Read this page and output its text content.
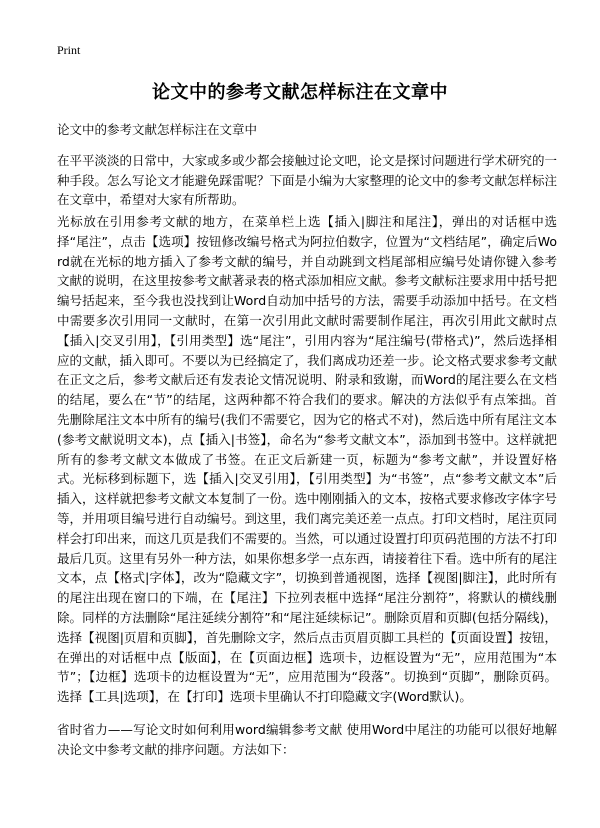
Print
论文中的参考文献怎样标注在文章中

论文中的参考文献怎样标注在文章中

在平平淡淡的日常中，大家或多或少都会接触过论文吧，论文是探讨问题进行学术研究的一种手段。怎么写论文才能避免踩雷呢？下面是小编为大家整理的论文中的参考文献怎样标注在文章中，希望对大家有所帮助。

光标放在引用参考文献的地方，在菜单栏上选【插入|脚注和尾注】，弹出的对话框中选择“尾注”，点击【选项】按钮修改编号格式为阿拉伯数字，位置为“文档结尾”，确定后Word就在光标的地方插入了参考文献的编号，并自动跳到文档尾部相应编号处请你键入参考文献的说明，在这里按参考文献著录表的格式添加相应文献。参考文献标注要求用中括号把编号括起来，至今我也没找到让Word自动加中括号的方法，需要手动添加中括号。在文档中需要多次引用同一文献时，在第一次引用此文献时需要制作尾注，再次引用此文献时点【插入|交叉引用】，【引用类型】选“尾注”，引用内容为“尾注编号(带格式)”，然后选择相应的文献，插入即可。不要以为已经搞定了，我们离成功还差一步。论文格式要求参考文献在正文之后，参考文献后还有发表论文情况说明、附录和致谢，而Word的尾注要么在文档的结尾，要么在“节”的结尾，这两种都不符合我们的要求。解决的方法似乎有点笨拙。首先删除尾注文本中所有的编号(我们不需要它，因为它的格式不对)，然后选中所有尾注文本(参考文献说明文本)，点【插入|书签】，命名为“参考文献文本”，添加到书签中。这样就把所有的参考文献文本做成了书签。在正文后新建一页，标题为“参考文献”，并设置好格式。光标移到标题下，选【插入|交叉引用】，【引用类型】为“书签”，点“参考文献文本”后插入，这样就把参考文献文本复制了一份。选中刚刚插入的文本，按格式要求修改字体字号等，并用项目编号进行自动编号。到这里，我们离完美还差一点点。打印文档时，尾注页同样会打印出来，而这几页是我们不需要的。当然，可以通过设置打印页码范围的方法不打印最后几页。这里有另外一种方法，如果你想多学一点东西，请接着往下看。选中所有的尾注文本，点【格式|字体】，改为“隐藏文字”，切换到普通视图，选择【视图|脚注】，此时所有的尾注出现在窗口的下端，在【尾注】下拉列表框中选择“尾注分割符”，将默认的横线删除。同样的方法删除“尾注延续分割符”和“尾注延续标记”。删除页眉和页脚(包括分隔线)，选择【视图|页眉和页脚】，首先删除文字，然后点击页眉页脚工具栏的【页面设置】按钮，在弹出的对话框中点【版面】，在【页面边框】选项卡，边框设置为“无”，应用范围为“本节”；【边框】选项卡的边框设置为“无”，应用范围为“段落”。切换到“页脚”，删除页码。选择【工具|选项】，在【打印】选项卡里确认不打印隐藏文字(Word默认)。

省时省力——写论文时如何利用word编辑参考文献 使用Word中尾注的功能可以很好地解决论文中参考文献的排序问题。方法如下：
